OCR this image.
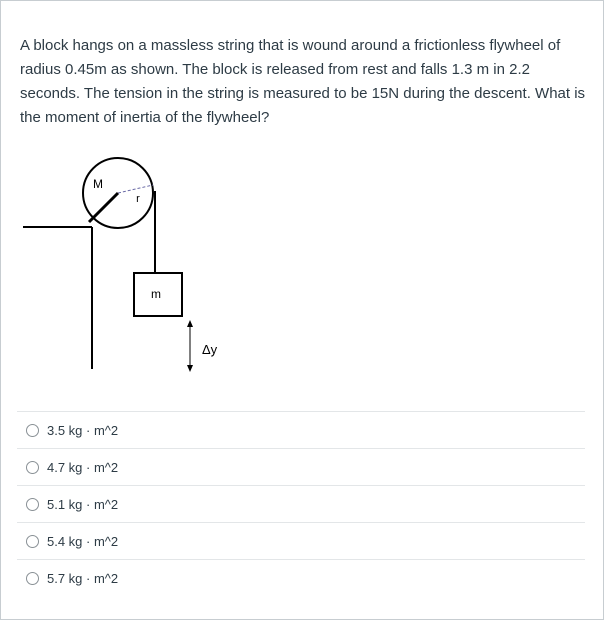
A block hangs on a massless string that is wound around a frictionless flywheel of radius 0.45m as shown. The block is released from rest and falls 1.3 m in 2.2 seconds. The tension in the string is measured to be 15N during the descent. What is the moment of inertia of the flywheel?
M
r
m
Δy
3.5 kg · m^2
4.7 kg · m^2
5.1 kg · m^2
5.4 kg · m^2
5.7 kg · m^2
